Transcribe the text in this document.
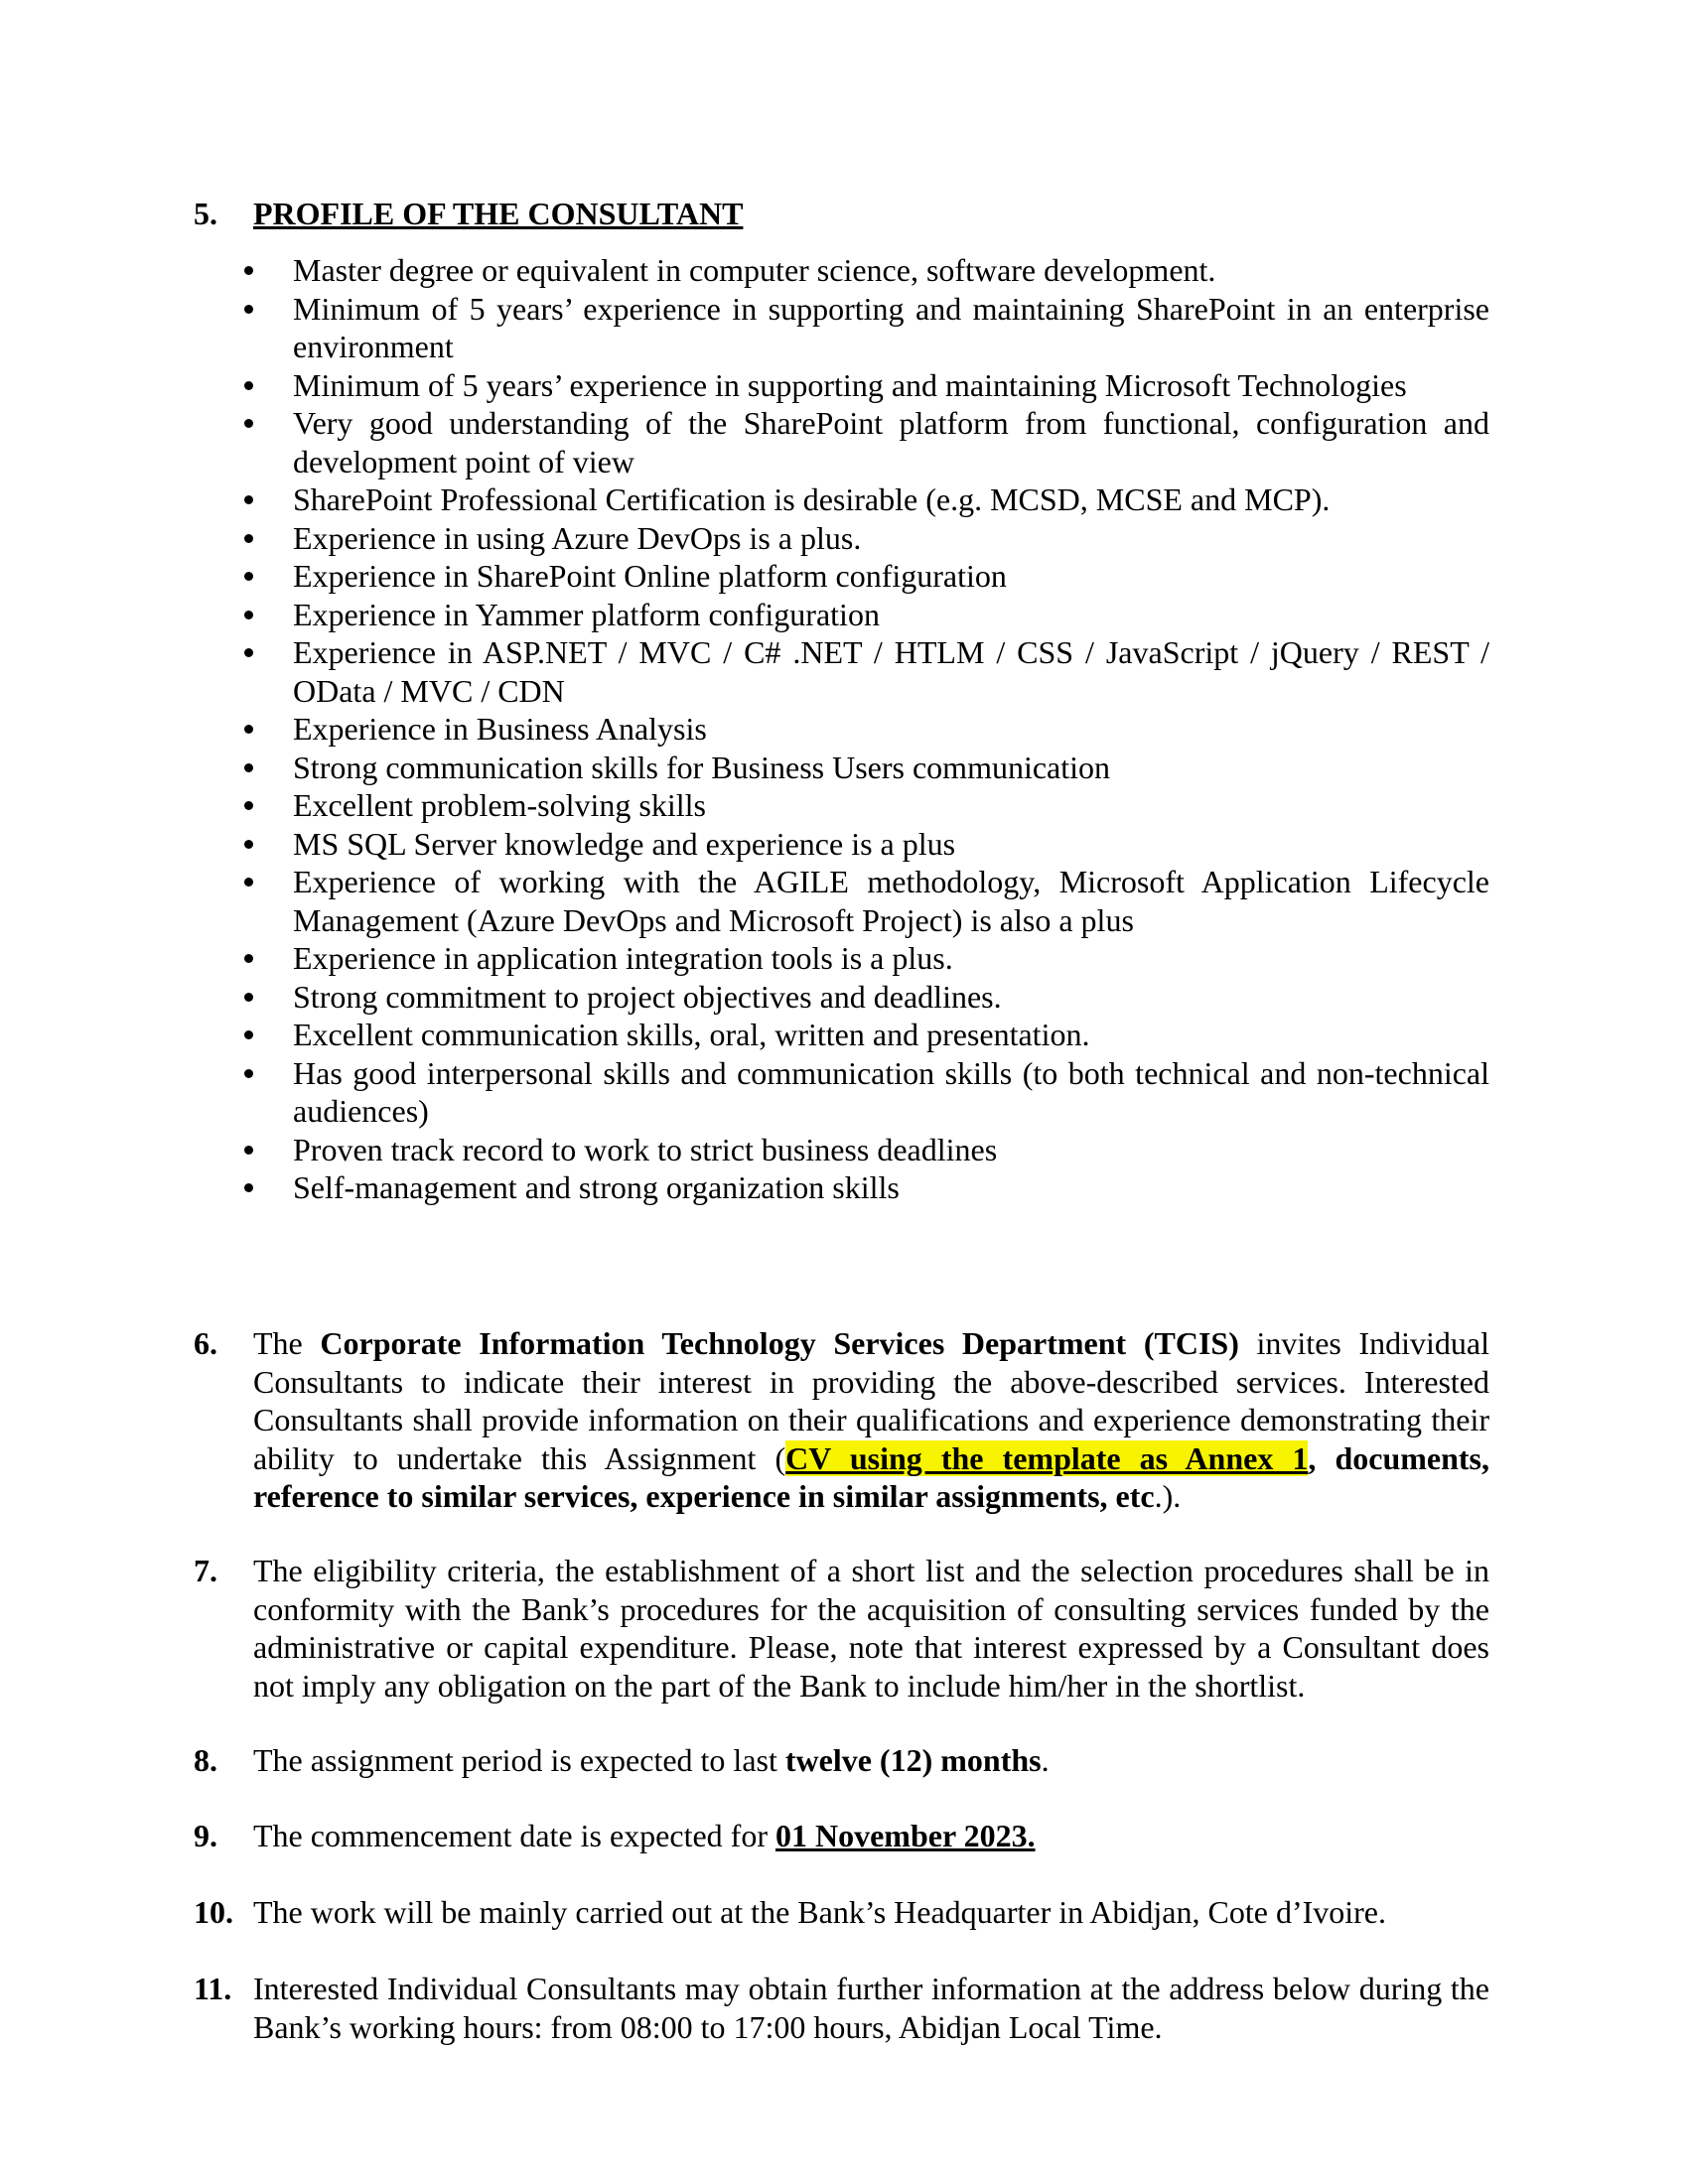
5.	PROFILE OF THE CONSULTANT
Master degree or equivalent in computer science, software development.
Minimum of 5 years’ experience in supporting and maintaining SharePoint in an enterprise environment
Minimum of 5 years’ experience in supporting and maintaining Microsoft Technologies
Very good understanding of the SharePoint platform from functional, configuration and development point of view
SharePoint Professional Certification is desirable (e.g. MCSD, MCSE and MCP).
Experience in using Azure DevOps is a plus.
Experience in SharePoint Online platform configuration
Experience in Yammer platform configuration
Experience in ASP.NET / MVC / C# .NET / HTLM / CSS / JavaScript / jQuery / REST / OData / MVC / CDN
Experience in Business Analysis
Strong communication skills for Business Users communication
Excellent problem-solving skills
MS SQL Server knowledge and experience is a plus
Experience of working with the AGILE methodology, Microsoft Application Lifecycle Management (Azure DevOps and Microsoft Project) is also a plus
Experience in application integration tools is a plus.
Strong commitment to project objectives and deadlines.
Excellent communication skills, oral, written and presentation.
Has good interpersonal skills and communication skills (to both technical and non-technical audiences)
Proven track record to work to strict business deadlines
Self-management and strong organization skills
6.	The Corporate Information Technology Services Department (TCIS) invites Individual Consultants to indicate their interest in providing the above-described services. Interested Consultants shall provide information on their qualifications and experience demonstrating their ability to undertake this Assignment (CV using the template as Annex 1, documents, reference to similar services, experience in similar assignments, etc.).
7.	The eligibility criteria, the establishment of a short list and the selection procedures shall be in conformity with the Bank’s procedures for the acquisition of consulting services funded by the administrative or capital expenditure. Please, note that interest expressed by a Consultant does not imply any obligation on the part of the Bank to include him/her in the shortlist.
8.	The assignment period is expected to last twelve (12) months.
9.	The commencement date is expected for 01 November 2023.
10. The work will be mainly carried out at the Bank’s Headquarter in Abidjan, Cote d’Ivoire.
11. Interested Individual Consultants may obtain further information at the address below during the Bank’s working hours: from 08:00 to 17:00 hours, Abidjan Local Time.
